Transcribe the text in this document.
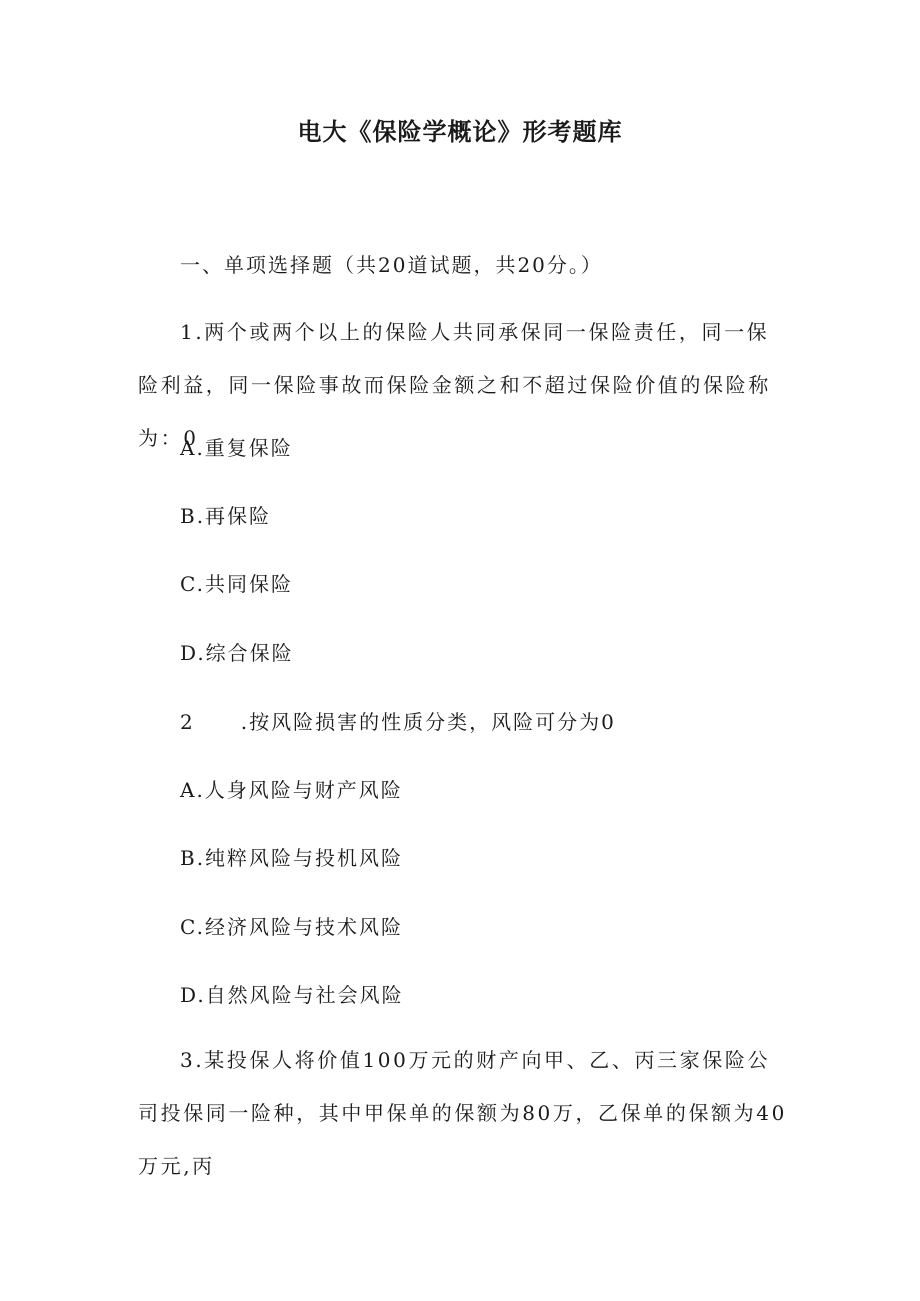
电大《保险学概论》形考题库

一、单项选择题（共20道试题，共20分。）

1.两个或两个以上的保险人共同承保同一保险责任，同一保险利益，同一保险事故而保险金额之和不超过保险价值的保险称为：0

A.重复保险

B.再保险

C.共同保险

D.综合保险

2 .按风险损害的性质分类，风险可分为0

A.人身风险与财产风险

B.纯粹风险与投机风险

C.经济风险与技术风险

D.自然风险与社会风险

3.某投保人将价值100万元的财产向甲、乙、丙三家保险公司投保同一险种，其中甲保单的保额为80万，乙保单的保额为40万元,丙
